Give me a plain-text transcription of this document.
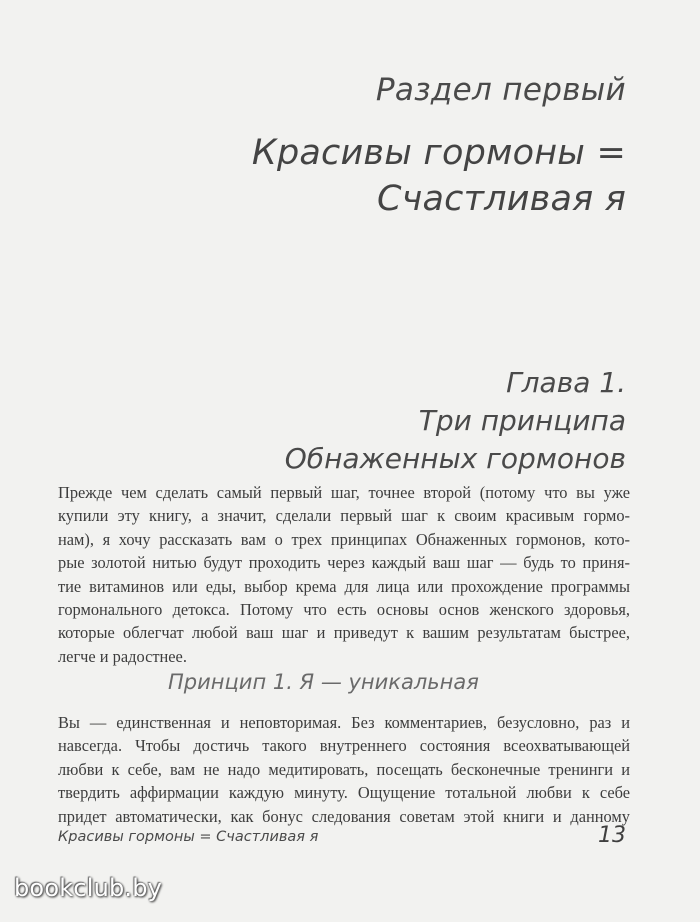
Раздел первый
Красивы гормоны =
Счастливая я
Глава 1.
Три принципа
Обнаженных гормонов
Прежде чем сделать самый первый шаг, точнее второй (потому что вы уже
купили эту книгу, а значит, сделали первый шаг к своим красивым гормо-
нам), я хочу рассказать вам о трех принципах Обнаженных гормонов, кото-
рые золотой нитью будут проходить через каждый ваш шаг — будь то приня-
тие витаминов или еды, выбор крема для лица или прохождение программы
гормонального детокса. Потому что есть основы основ женского здоровья,
которые облегчат любой ваш шаг и приведут к вашим результатам быстрее,
легче и радостнее.
Принцип 1. Я — уникальная
Вы — единственная и неповторимая. Без комментариев, безусловно, раз и
навсегда. Чтобы достичь такого внутреннего состояния всеохватывающей
любви к себе, вам не надо медитировать, посещать бесконечные тренинги и
твердить аффирмации каждую минуту. Ощущение тотальной любви к себе
придет автоматически, как бонус следования советам этой книги и данному
Красивы гормоны = Счастливая я	13
bookclub.by
